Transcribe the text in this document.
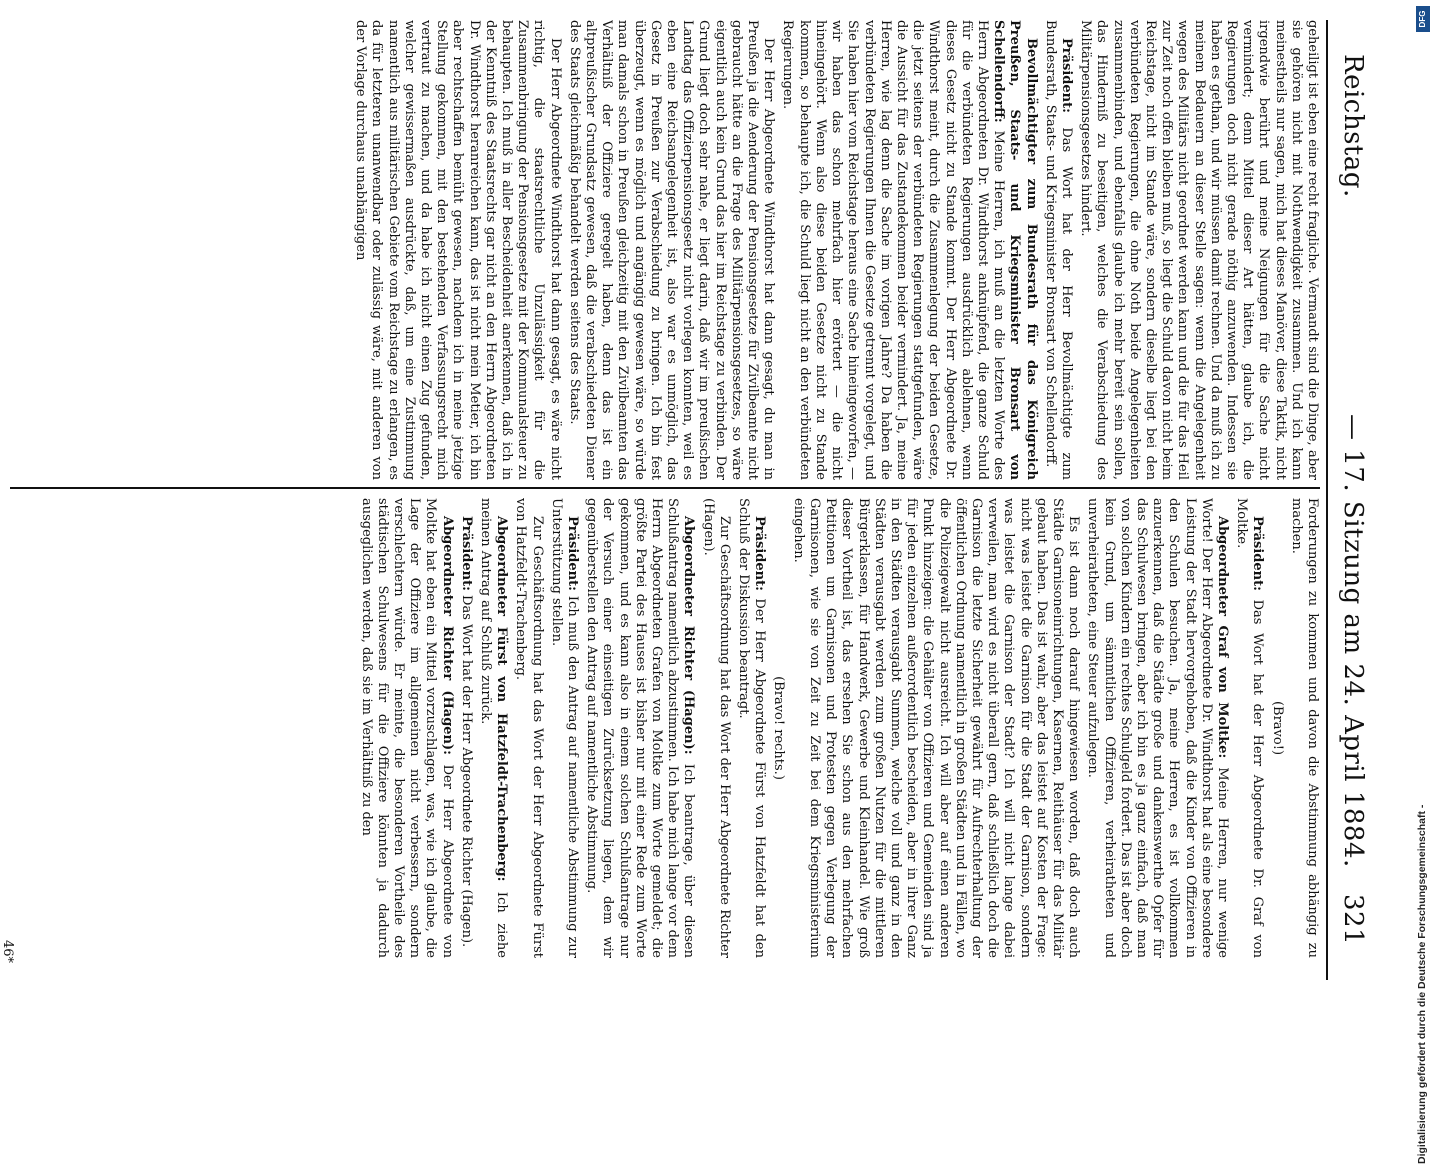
Reichstag.
— 17. Sitzung am 24. April 1884.
321

geheiligt ist eben eine recht fragliche. Vermandt sind die Dinge, aber sie gehören nicht mit Nothwendigkeit zusammen. Und ich kann meinestheils nur sagen, mich hat dieses Manöver, diese Taktik, nicht irgendwie berührt und meine Neigungen für die Sache nicht vermindert; denn Mittel dieser Art hätten, glaube ich, die Regierungen doch nicht gerade nöthig anzuwenden. Indessen sie haben es gethan, und wir müssen damit rechnen. Und da muß ich zu meinem Bedauern an dieser Stelle sagen: wenn die Angelegenheit wegen des Militärs nicht geordnet werden kann und die für das Heil zur Zeit noch offen bleiben muß, so liegt die Schuld davon nicht beim Reichstage, nicht im Stande wäre, sondern dieselbe liegt bei den verbündeten Regierungen, die ohne Noth beide Angelegenheiten zusammenbinden, und ebenfalls glaube ich mehr bereit sein sollen, das Hinderniß zu beseitigen, welches die Verabschiedung des Militärpensionsgesetzes hindert.

Präsident: Das Wort hat der Herr Bevollmächtigte zum Bundesrath, Staats- und Kriegsminister Bronsart von Schellendorff.

Bevollmächtigter zum Bundesrath für das Königreich Preußen, Staats- und Kriegsminister Bronsart von Schellendorff: Meine Herren, ich muß an die letzten Worte des Herrn Abgeordneten Dr. Windthorst anknüpfend, die ganze Schuld für die verbündeten Regierungen ausdrücklich ablehnen, wenn dieses Gesetz nicht zu Stande kommt. Der Herr Abgeordnete Dr. Windthorst meint, durch die Zusammenlegung der beiden Gesetze, die jetzt seitens der verbündeten Regierungen stattgefunden, wäre die Aussicht für das Zustandekommen beider vermindert. Ja, meine Herren, wie lag denn die Sache im vorigen Jahre? Da haben die verbündeten Regierungen Ihnen die Gesetze getrennt vorgelegt, und Sie haben hier vom Reichstage heraus eine Sache hineingeworfen, — wir haben das schon mehrfach hier erörtert — die nicht hineingehört. Wenn also diese beiden Gesetze nicht zu Stande kommen, so behaupte ich, die Schuld liegt nicht an den verbündeten Regierungen.

Der Herr Abgeordnete Windthorst hat dann gesagt, du man in Preußen ja die Aenderung der Pensionsgesetze für Zivilbeamte nicht gebraucht hätte an die Frage des Militärpensionsgesetzes, so wäre eigentlich auch kein Grund das hier im Reichstage zu verbinden. Der Grund liegt doch sehr nahe, er liegt darin, daß wir im preußischen Landtag das Offizierpensionsgesetz nicht vorlegen konnten, weil es eben eine Reichsangelegenheit ist, also war es unmöglich, das Gesetz in Preußen zur Verabschiedung zu bringen. Ich bin fest überzeugt, wenn es möglich und angängig gewesen wäre, so würde man damals schon in Preußen gleichzeitig mit den Zivilbeamten das Verhältniß der Offiziere geregelt haben, denn das ist ein altpreußischer Grundsatz gewesen, daß die verabschiedeten Diener des Staats gleichmäßig behandelt werden seitens des Staats.

Der Herr Abgeordnete Windthorst hat dann gesagt, es wäre nicht richtig, die staatsrechtliche Unzulässigkeit für die Zusammenbringung der Pensionsgesetze mit der Kommunalsteuer zu behaupten. Ich muß in aller Bescheidenheit anerkennen, daß ich in der Kenntniß des Staatsrechts gar nicht an den Herrn Abgeordneten Dr. Windthorst heranreichen kann, das ist nicht mein Metier, ich bin aber rechtschaffen bemüht gewesen, nachdem ich in meine jetzige Stellung gekommen, mit den bestehenden Verfassungsrecht mich vertraut zu machen, und da habe ich nicht einen Zug gefunden, welcher gewissermaßen ausdrückte, daß, um eine Zustimmung namentlich aus militärischen Gebiete vom Reichstage zu erlangen, es da für letzteren unanwendbar oder zulässig wäre, mit anderen von der Vorlage durchaus unabhängigen

Forderungen zu kommen und davon die Abstimmung abhängig zu machen.

(Bravo!)

Präsident: Das Wort hat der Herr Abgeordnete Dr. Graf von Moltke.

Abgeordneter Graf von Moltke: Meine Herren, nur wenige Worte! Der Herr Abgeordnete Dr. Windthorst hat als eine besondere Leistung der Stadt hervorgehoben, daß die Kinder von Offizieren in den Schulen besuchen. Ja, meine Herren, es ist vollkommen anzuerkennen, daß die Städte große und dankenswerthe Opfer für das Schulwesen bringen, aber ich bin es ja ganz einfach, daß man von solchen Kindern ein rechtes Schulgeld fordert. Das ist aber doch kein Grund, um sämmtlichen Offizieren, verheiratheten und unverheiratheten, eine Steuer aufzulegen.

Es ist dann noch darauf hingewiesen worden, daß doch auch Städte Garnisoneinrichtungen, Kasernen, Reithäuser für das Militär gebaut haben. Das ist wahr, aber das leistet auf Kosten der Frage: nicht was leistet die Garnison für die Stadt der Garnison, sondern was leistet die Garnison der Stadt? Ich will nicht lange dabei verweilen, man wird es nicht überall gern, daß schließlich doch die Garnison die letzte Sicherheit gewährt für Aufrechterhaltung der öffentlichen Ordnung namentlich in großen Städten und in Fällen, wo die Polizeigewalt nicht ausreicht. Ich will aber auf einen anderen Punkt hinzeigen: die Gehälter von Offizieren und Gemeinden sind ja für jeden einzelnen außerordentlich bescheiden, aber in ihrer Ganz in den Städten verausgabt Summen, welche voll und ganz in den Städten verausgabt werden zum großen Nutzen für die mittleren Bürgerklassen, für Handwerk, Gewerbe und Kleinhandel. Wie groß dieser Vortheil ist, das ersehen Sie schon aus den mehrfachen Petitionen um Garnisonen und Protesten gegen Verlegung der Garnisonen, wie sie von Zeit zu Zeit bei dem Kriegsministerium eingehen.

(Bravo! rechts.)

Präsident: Der Herr Abgeordnete Fürst von Hatzfeldt hat den Schluß der Diskussion beantragt.

Zur Geschäftsordnung hat das Wort der Herr Abgeordnete Richter (Hagen).

Abgeordneter Richter (Hagen): Ich beantrage, über diesen Schlußantrag namentlich abzustimmen. Ich habe mich lange vor dem Herrn Abgeordneten Grafen von Moltke zum Worte gemeldet; die größte Partei des Hauses ist bisher nur mit einer Rede zum Worte gekommen, und es kann also in einem solchen Schlußantrage nur der Versuch einer einseitigen Zurücksetzung liegen, dem wir gegenüberstellen den Antrag auf namentliche Abstimmung.

Präsident: Ich muß den Antrag auf namentliche Abstimmung zur Unterstützung stellen.

Zur Geschäftsordnung hat das Wort der Herr Abgeordnete Fürst von Hatzfeldt-Trachenberg.

Abgeordneter Fürst von Hatzfeldt-Trachenberg: Ich ziehe meinen Antrag auf Schluß zurück.

Präsident: Das Wort hat der Herr Abgeordnete Richter (Hagen).

Abgeordneter Richter (Hagen): Der Herr Abgeordnete von Moltke hat eben ein Mittel vorzuschlagen, was, wie ich glaube, die Lage der Offiziere im allgemeinen nicht verbessern, sondern verschlechtern würde. Er meinte, die besonderen Vortheile des städtischen Schulwesens für die Offiziere könnten ja dadurch ausgeglichen werden, daß sie im Verhältniß zu den

46*
DFG
Digitalisierung gefördert durch die Deutsche Forschungsgemeinschaft -
